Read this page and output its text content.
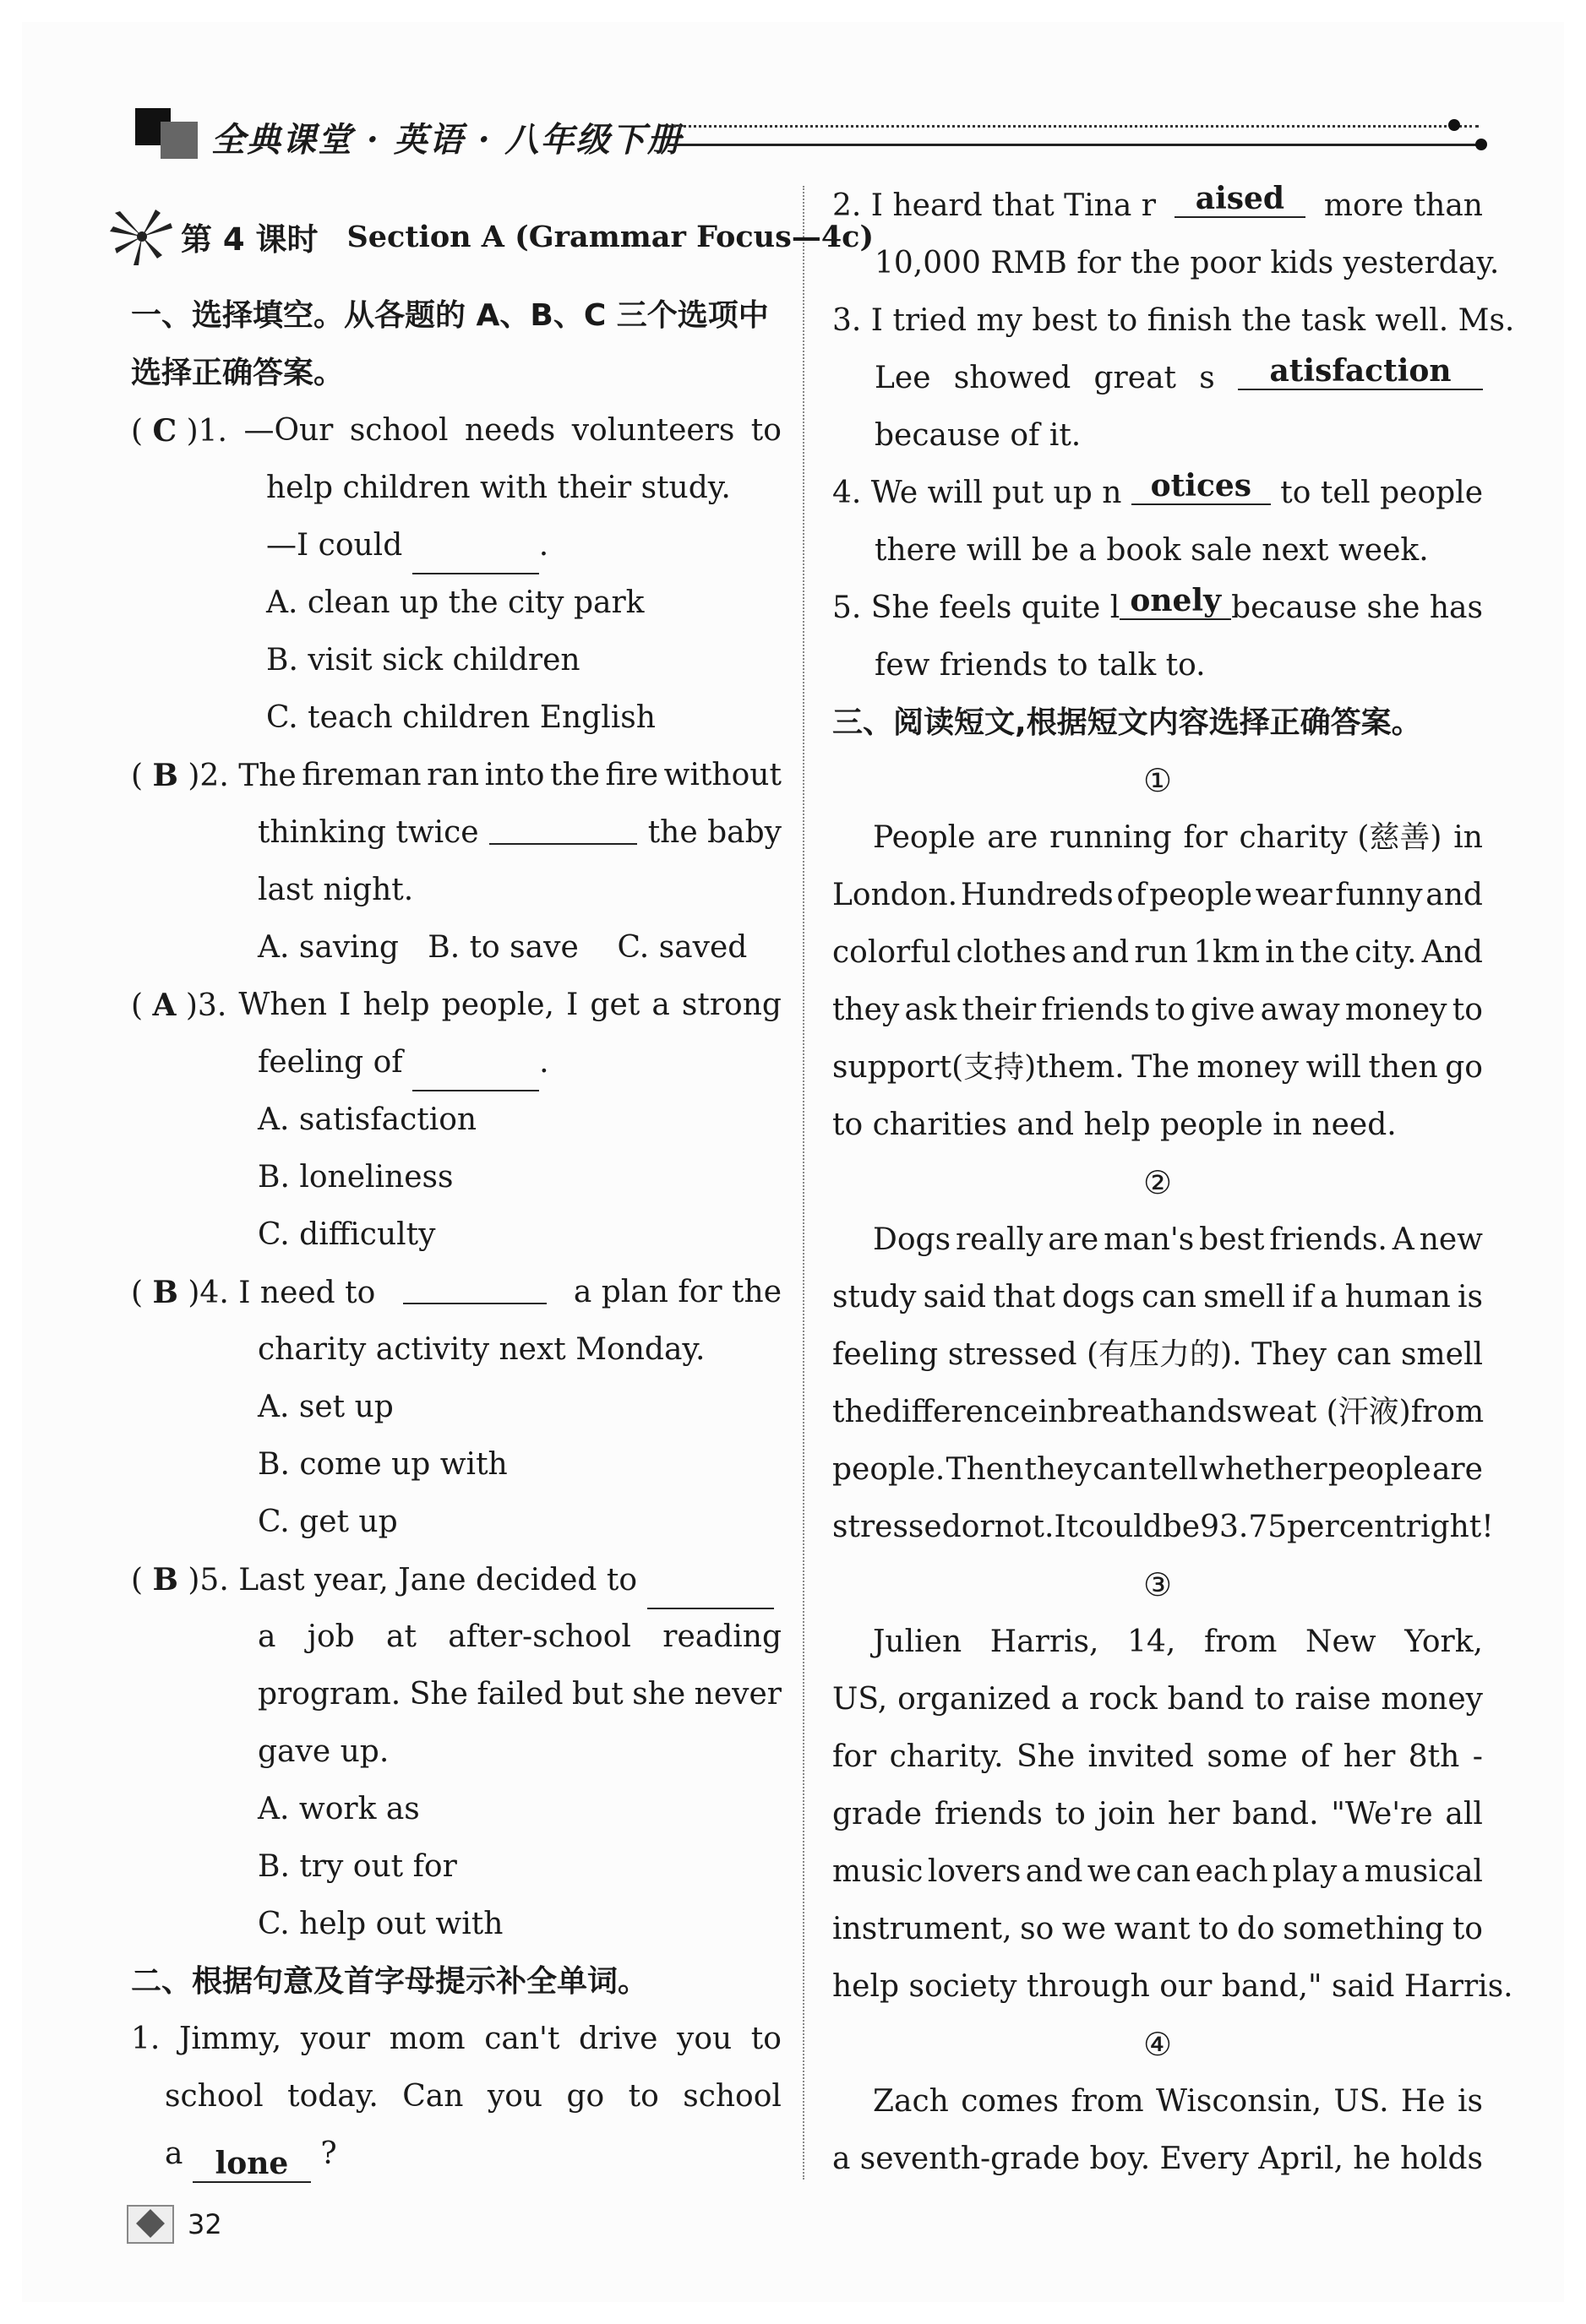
全典课堂 · 英语 · 八年级下册
第 4 课时 Section A (Grammar Focus—4c)
一、选择填空。从各题的 A、B、C 三个选项中
选择正确答案。
( C )1. —Our school needs volunteers to
help children with their study.
—I could	.
A. clean up the city park
B. visit sick children
C. teach children English
( B )2. The fireman ran into the fire without
thinking twice	the baby
last night.
A. saving B. to save C. saved
( A )3. When I help people, I get a strong
feeling of	.
A. satisfaction
B. loneliness
C. difficulty
( B )4. I need to	a plan for the
charity activity next Monday.
A. set up
B. come up with
C. get up
( B )5. Last year, Jane decided to
a job at after-school reading
program. She failed but she never
gave up.
A. work as
B. try out for
C. help out with
二、根据句意及首字母提示补全单词。
1. Jimmy, your mom can't drive you to
school today. Can you go to school
a lone ?
2. I heard that Tina r	aised	more than
10,000 RMB for the poor kids yesterday.
3. I tried my best to finish the task well. Ms.
Lee showed great s	atisfaction
because of it.
4. We will put up n otices to tell people
there will be a book sale next week.
5. She feels quite l onely because she has
few friends to talk to.
三、阅读短文,根据短文内容选择正确答案。
①
People are running for charity (慈善) in
London. Hundreds of people wear funny and
colorful clothes and run 1km in the city. And
they ask their friends to give away money to
support(支持)them. The money will then go
to charities and help people in need.
②
Dogs really are man's best friends. A new
study said that dogs can smell if a human is
feeling stressed (有压力的). They can smell
the difference in breath and sweat (汗液) from
people. Then they can tell whether people are
stressed or not. It could be 93.75 percent right!
③
Julien Harris, 14, from New York,
US, organized a rock band to raise money
for charity. She invited some of her 8th -
grade friends to join her band. "We're all
music lovers and we can each play a musical
instrument, so we want to do something to
help society through our band," said Harris.
④
Zach comes from Wisconsin, US. He is
a seventh-grade boy. Every April, he holds
32
